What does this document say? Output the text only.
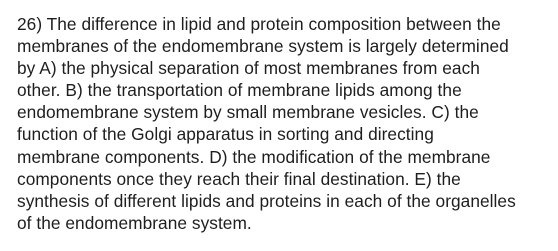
26) The difference in lipid and protein composition between the
membranes of the endomembrane system is largely determined
by A) the physical separation of most membranes from each
other. B) the transportation of membrane lipids among the
endomembrane system by small membrane vesicles. C) the
function of the Golgi apparatus in sorting and directing
membrane components. D) the modification of the membrane
components once they reach their final destination. E) the
synthesis of different lipids and proteins in each of the organelles
of the endomembrane system.
